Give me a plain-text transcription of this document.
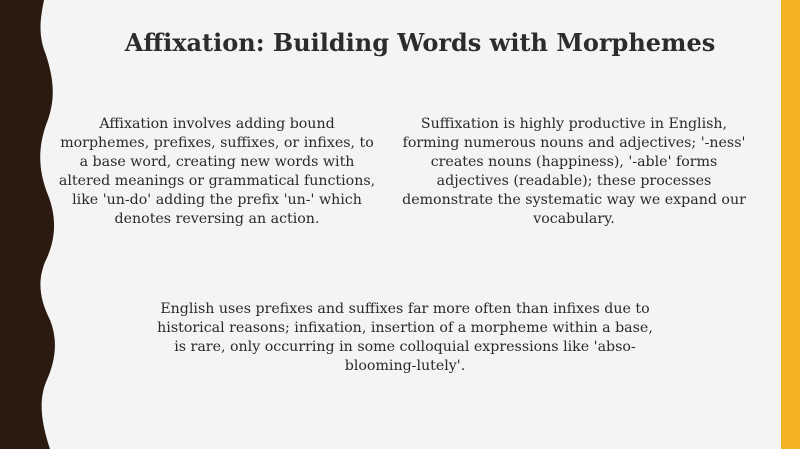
Affixation: Building Words with Morphemes

Affixation involves adding bound morphemes, prefixes, suffixes, or infixes, to a base word, creating new words with altered meanings or grammatical functions, like 'un-do' adding the prefix 'un-' which denotes reversing an action.

Suffixation is highly productive in English, forming numerous nouns and adjectives; '-ness' creates nouns (happiness), '-able' forms adjectives (readable); these processes demonstrate the systematic way we expand our vocabulary.

English uses prefixes and suffixes far more often than infixes due to historical reasons; infixation, insertion of a morpheme within a base, is rare, only occurring in some colloquial expressions like 'abso-blooming-lutely'.
